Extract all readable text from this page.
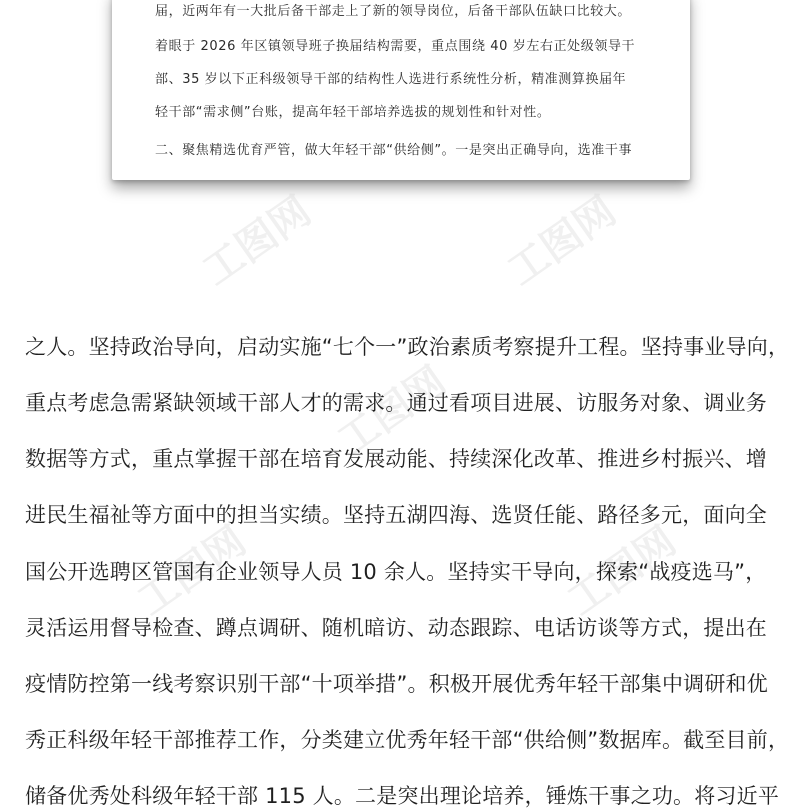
届，近两年有一大批后备干部走上了新的领导岗位，后备干部队伍缺口比较大。
着眼于 2026 年区镇领导班子换届结构需要，重点围绕 40 岁左右正处级领导干
部、35 岁以下正科级领导干部的结构性人选进行系统性分析，精准测算换届年
轻干部“需求侧”台账，提高年轻干部培养选拔的规划性和针对性。
二、聚焦精选优育严管，做大年轻干部“供给侧”。一是突出正确导向，选准干事
工图网	工图网
工图网
工图网	工图网
之人。坚持政治导向，启动实施“七个一”政治素质考察提升工程。坚持事业导向，
重点考虑急需紧缺领域干部人才的需求。通过看项目进展、访服务对象、调业务
数据等方式，重点掌握干部在培育发展动能、持续深化改革、推进乡村振兴、增
进民生福祉等方面中的担当实绩。坚持五湖四海、选贤任能、路径多元，面向全
国公开选聘区管国有企业领导人员 10 余人。坚持实干导向，探索“战疫选马”，
灵活运用督导检查、蹲点调研、随机暗访、动态跟踪、电话访谈等方式，提出在
疫情防控第一线考察识别干部“十项举措”。积极开展优秀年轻干部集中调研和优
秀正科级年轻干部推荐工作，分类建立优秀年轻干部“供给侧”数据库。截至目前，
储备优秀处科级年轻干部 115 人。二是突出理论培养，锤炼干事之功。将习近平
